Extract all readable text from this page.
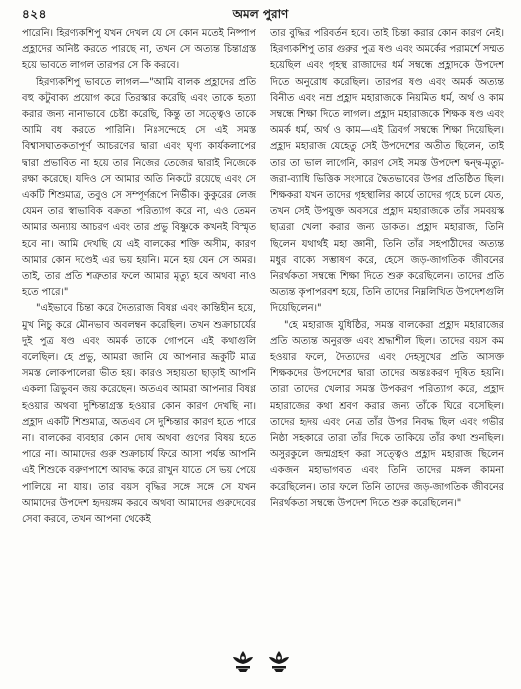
৪২৪	অমল পুরাণ

পারেনি। হিরণ্যকশিপু যখন দেখল যে সে কোন মতেই নিষ্পাপ প্রহ্লাদের অনিষ্ট করতে পারছে না, তখন সে অত্যন্ত চিন্তাগ্রস্ত হয়ে ভাবতে লাগল তারপর সে কি করবে।

হিরণ্যকশিপু ভাবতে লাগল—"আমি বালক প্রহ্লাদের প্রতি বহু কটুবাক্য প্রয়োগ করে তিরস্কার করেছি এবং তাকে হত্যা করার জন্য নানাভাবে চেষ্টা করেছি, কিন্তু তা সত্ত্বেও তাকে আমি বধ করতে পারিনি। নিঃসন্দেহে সে এই সমস্ত বিশ্বাসঘাতকতাপূর্ণ আচরণের দ্বারা এবং ঘৃণ্য কার্যকলাপের দ্বারা প্রভাবিত না হয়ে তার নিজের তেজের দ্বারাই নিজেকে রক্ষা করেছে। যদিও সে আমার অতি নিকটে রয়েছে এবং সে একটি শিশুমাত্র, তবুও সে সম্পূর্ণরূপে নির্ভীক। কুকুরের লেজ যেমন তার স্বাভাবিক বক্রতা পরিত্যাগ করে না, এও তেমন আমার অন্যায় আচরণ এবং তার প্রভু বিষ্ণুকে কখনই বিস্মৃত হবে না। আমি দেখছি যে এই বালকের শক্তি অসীম, কারণ আমার কোন দণ্ডেই এর ভয় হয়নি। মনে হয় যেন সে অমর। তাই, তার প্রতি শত্রুতার ফলে আমার মৃত্যু হবে অথবা নাও হতে পারে।"

"এইভাবে চিন্তা করে দৈত্যরাজ বিষণ্ণ এবং কান্তিহীন হয়ে, মুখ নিচু করে মৌনভাব অবলম্বন করেছিল। তখন শুক্রাচার্যের দুই পুত্র ষণ্ড এবং অমর্ক তাকে গোপনে এই কথাগুলি বলেছিল। হে প্রভু, আমরা জানি যে আপনার ভ্রূকুটি মাত্র সমস্ত লোকপালেরা ভীত হয়। কারও সহায়তা ছাড়াই আপনি একলা ত্রিভুবন জয় করেছেন। অতএব আমরা আপনার বিষণ্ণ হওয়ার অথবা দুশ্চিন্তাগ্রস্ত হওয়ার কোন কারণ দেখছি না। প্রহ্লাদ একটি শিশুমাত্র, অতএব সে দুশ্চিন্তার কারণ হতে পারে না। বালকের ব্যবহার কোন দোষ অথবা গুণের বিষয় হতে পারে না। আমাদের গুরু শুক্রাচার্য ফিরে আসা পর্যন্ত আপনি এই শিশুকে বরুণপাশে আবদ্ধ করে রাখুন যাতে সে ভয় পেয়ে পালিয়ে না যায়। তার বয়স বৃদ্ধির সঙ্গে সঙ্গে সে যখন আমাদের উপদেশ হৃদয়ঙ্গম করবে অথবা আমাদের গুরুদেবের সেবা করবে, তখন আপনা থেকেই

তার বুদ্ধির পরিবর্তন হবে। তাই চিন্তা করার কোন কারণ নেই। হিরণ্যকশিপু তার গুরুর পুত্র ষণ্ড এবং অমর্কের পরামর্শে সম্মত হয়েছিল এবং গৃহস্থ রাজাদের ধর্ম সম্বন্ধে প্রহ্লাদকে উপদেশ দিতে অনুরোধ করেছিল। তারপর ষণ্ড এবং অমর্ক অত্যন্ত বিনীত এবং নম্র প্রহ্লাদ মহারাজকে নিয়মিত ধর্ম, অর্থ ও কাম সম্বন্ধে শিক্ষা দিতে লাগল। প্রহ্লাদ মহারাজকে শিক্ষক ষণ্ড এবং অমর্ক ধর্ম, অর্থ ও কাম—এই ত্রিবর্গ সম্বন্ধে শিক্ষা দিয়েছিল। প্রহ্লাদ মহারাজ যেহেতু সেই উপদেশের অতীত ছিলেন, তাই তার তা ভাল লাগেনি, কারণ সেই সমস্ত উপদেশ দ্বন্দ্ব-মৃত্যু-জরা-ব্যাধি ভিত্তিক সংসারে দ্বৈতভাবের উপর প্রতিষ্ঠিত ছিল। শিক্ষকরা যখন তাদের গৃহস্থালির কার্যে তাদের গৃহে চলে যেত, তখন সেই উপযুক্ত অবসরে প্রহ্লাদ মহারাজকে তাঁর সমবয়স্ক ছাত্ররা খেলা করার জন্য ডাকত। প্রহ্লাদ মহারাজ, তিনি ছিলেন যথার্থই মহা জ্ঞানী, তিনি তাঁর সহপাঠীদের অত্যন্ত মধুর বাক্যে সম্ভাষণ করে, হেসে জড়-জাগতিক জীবনের নিরর্থকতা সম্বন্ধে শিক্ষা দিতে শুরু করেছিলেন। তাদের প্রতি অত্যন্ত কৃপাপরবশ হয়ে, তিনি তাদের নিম্নলিখিত উপদেশগুলি দিয়েছিলেন।"

"হে মহারাজ যুধিষ্ঠির, সমস্ত বালকেরা প্রহ্লাদ মহারাজের প্রতি অত্যন্ত অনুরক্ত এবং শ্রদ্ধাশীল ছিল। তাদের বয়স কম হওয়ার ফলে, দৈত্যদের এবং দেহসুখের প্রতি আসক্ত শিক্ষকদের উপদেশের দ্বারা তাদের অন্তঃকরণ দূষিত হয়নি। তারা তাদের খেলার সমস্ত উপকরণ পরিত্যাগ করে, প্রহ্লাদ মহারাজের কথা শ্রবণ করার জন্য তাঁকে ঘিরে বসেছিল। তাদের হৃদয় এবং নেত্র তাঁর উপর নিবদ্ধ ছিল এবং গভীর নিষ্ঠা সহকারে তারা তাঁর দিকে তাকিয়ে তাঁর কথা শুনছিল। অসুরকুলে জন্মগ্রহণ করা সত্ত্বেও প্রহ্লাদ মহারাজ ছিলেন একজন মহাভাগবত এবং তিনি তাদের মঙ্গল কামনা করেছিলেন। তার ফলে তিনি তাদের জড়-জাগতিক জীবনের নিরর্থকতা সম্বন্ধে উপদেশ দিতে শুরু করেছিলেন।"
